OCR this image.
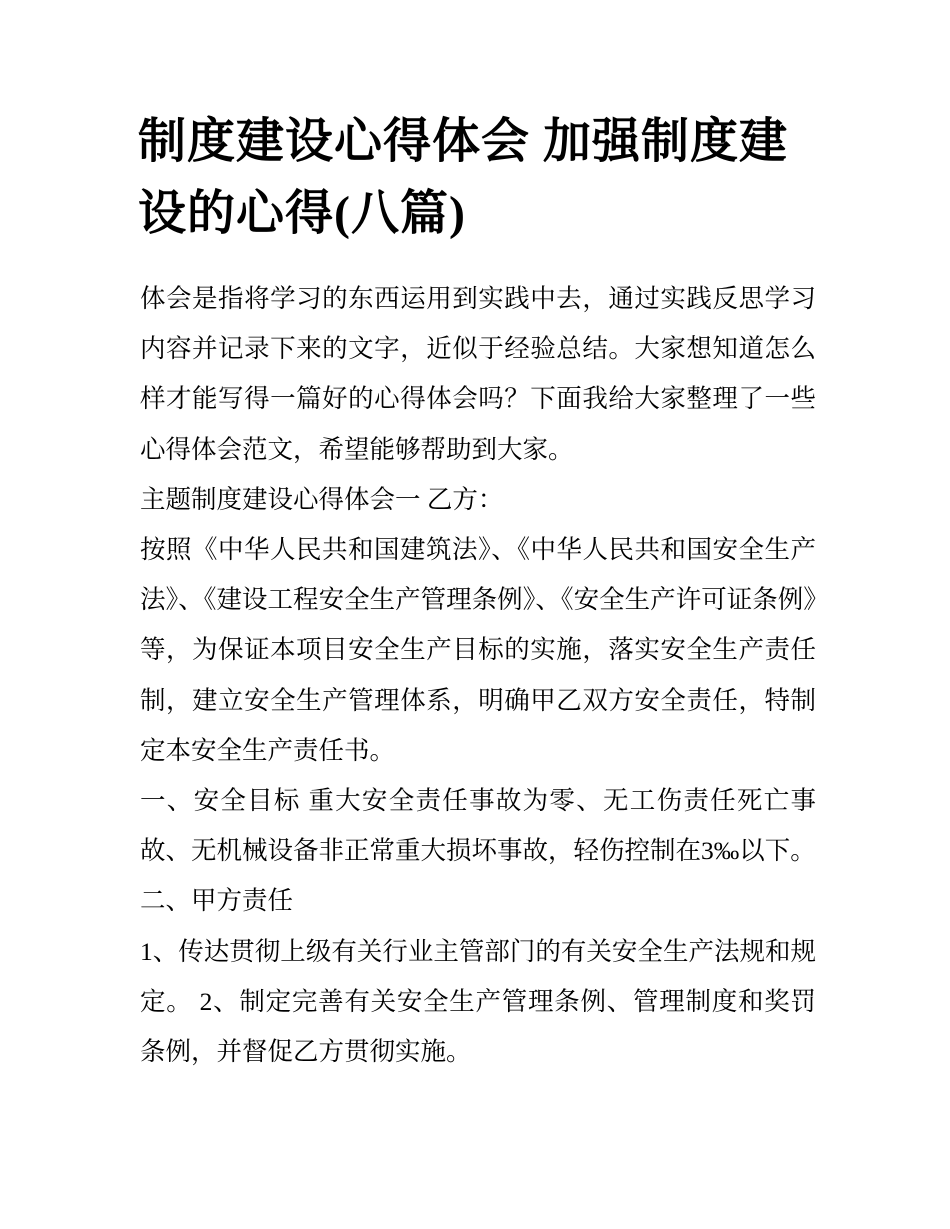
制度建设心得体会 加强制度建设的心得(八篇)

体会是指将学习的东西运用到实践中去，通过实践反思学习内容并记录下来的文字，近似于经验总结。大家想知道怎么样才能写得一篇好的心得体会吗？下面我给大家整理了一些心得体会范文，希望能够帮助到大家。

主题制度建设心得体会一 乙方：

按照《中华人民共和国建筑法》、《中华人民共和国安全生产法》、《建设工程安全生产管理条例》、《安全生产许可证条例》等，为保证本项目安全生产目标的实施，落实安全生产责任制，建立安全生产管理体系，明确甲乙双方安全责任，特制定本安全生产责任书。

一、安全目标 重大安全责任事故为零、无工伤责任死亡事故、无机械设备非正常重大损坏事故，轻伤控制在3‰以下。

二、甲方责任

1、传达贯彻上级有关行业主管部门的有关安全生产法规和规定。 2、制定完善有关安全生产管理条例、管理制度和奖罚条例，并督促乙方贯彻实施。
